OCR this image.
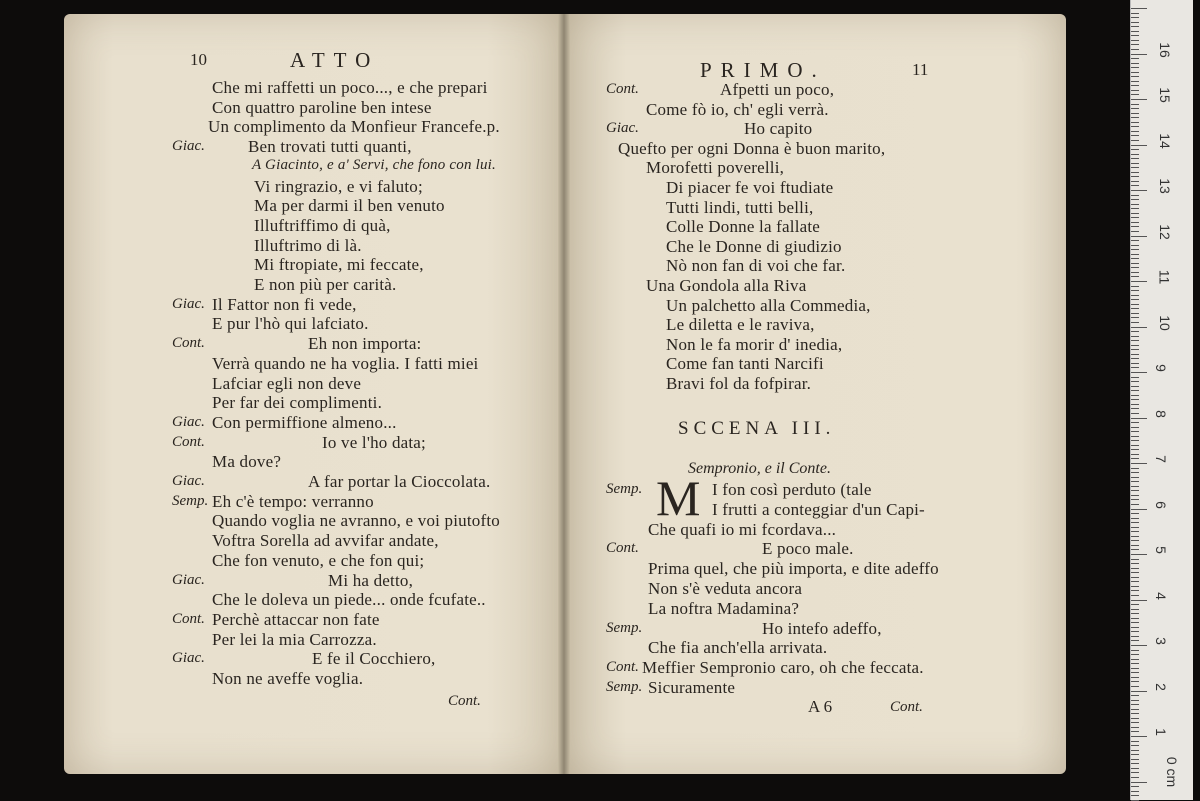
10	ATTO
Che mi raffetti un poco..., e che prepari
Con quattro paroline ben intese
Un complimento da Monfieur Francefe.p.
Giac.	Ben trovati tutti quanti,
A Giacinto, e a' Servi, che fono con lui.
Vi ringrazio, e vi faluto;
Ma per darmi il ben venuto
Illuftriffimo di quà,
Illuftrimo di là.
Mi ftropiate, mi feccate,
E non più per carità.
Giac. Il Fattor non fi vede,
E pur l'hò qui lafciato.
Cont.	Eh non importa:
Verrà quando ne ha voglia. I fatti miei
Lafciar egli non deve
Per far dei complimenti.
Giac. Con permiffione almeno...
Cont.	Io ve l'ho data;
Ma dove?
Giac.	A far portar la Cioccolata.
Semp. Eh c'è tempo: verranno
Quando voglia ne avranno, e voi piutofto
Voftra Sorella ad avvifar andate,
Che fon venuto, e che fon qui;
Giac.	Mi ha detto,
Che le doleva un piede... onde fcufate..
Cont. Perchè attaccar non fate
Per lei la mia Carrozza.
Giac.	E fe il Cocchiero,
Non ne aveffe voglia.
Cont.
PRIMO.	11
Cont.	Afpetti un poco,
Come fò io, ch' egli verrà.
Giac.	Ho capito
Quefto per ogni Donna è buon marito,
Morofetti poverelli,
Di piacer fe voi ftudiate
Tutti lindi, tutti belli,
Colle Donne la fallate
Che le Donne di giudizio
Nò non fan di voi che far.
Una Gondola alla Riva
Un palchetto alla Commedia,
Le diletta e le raviva,
Non le fa morir d' inedia,
Come fan tanti Narcifi
Bravi fol da fofpirar.
SCCENA III.
Sempronio, e il Conte.
M
Semp.	I fon così perduto (tale
I frutti a conteggiar d'un Capi-
Che quafi io mi fcordava...
Cont.	E poco male.
Prima quel, che più importa, e dite adeffo
Non s'è veduta ancora
La noftra Madamina?
Semp.	Ho intefo adeffo,
Che fia anch'ella arrivata.
Cont. Meffier Sempronio caro, oh che feccata.
Semp. Sicuramente
A 6	Cont.
0 cm
1
2
3
4
5
6
7
8
9
10
11
12
13
14
15
16
